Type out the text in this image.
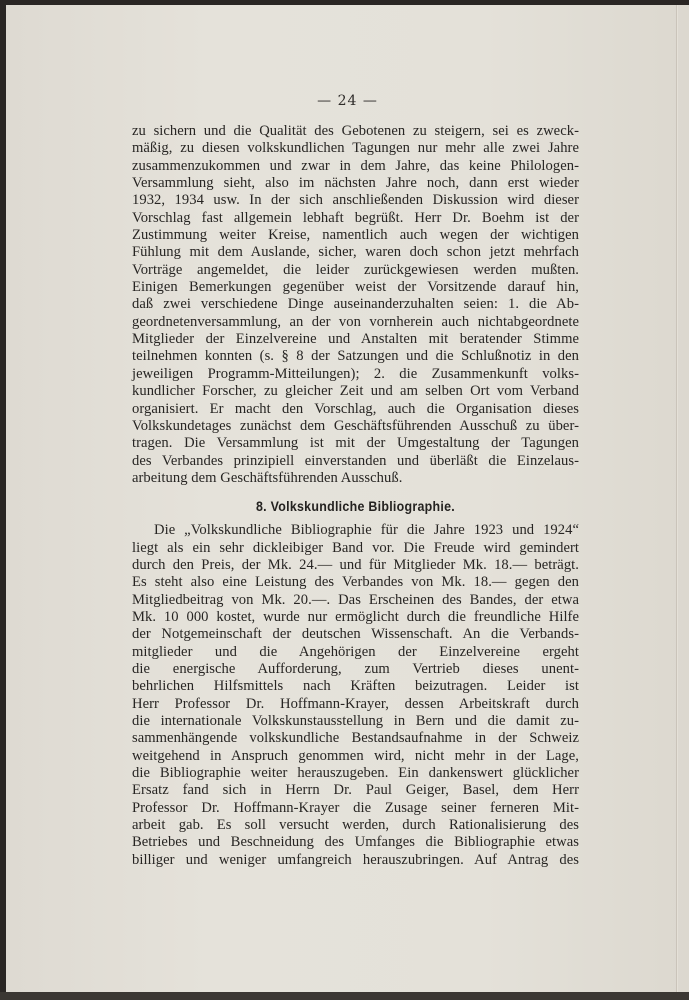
— 24 —
zu sichern und die Qualität des Gebotenen zu steigern, sei es zweck-
mäßig, zu diesen volkskundlichen Tagungen nur mehr alle zwei Jahre
zusammenzukommen und zwar in dem Jahre, das keine Philologen-
Versammlung sieht, also im nächsten Jahre noch, dann erst wieder
1932, 1934 usw. In der sich anschließenden Diskussion wird dieser
Vorschlag fast allgemein lebhaft begrüßt. Herr Dr. Boehm ist der
Zustimmung weiter Kreise, namentlich auch wegen der wichtigen
Fühlung mit dem Auslande, sicher, waren doch schon jetzt mehrfach
Vorträge angemeldet, die leider zurückgewiesen werden mußten.
Einigen Bemerkungen gegenüber weist der Vorsitzende darauf hin,
daß zwei verschiedene Dinge auseinanderzuhalten seien: 1. die Ab-
geordnetenversammlung, an der von vornherein auch nichtabgeordnete
Mitglieder der Einzelvereine und Anstalten mit beratender Stimme
teilnehmen konnten (s. § 8 der Satzungen und die Schlußnotiz in den
jeweiligen Programm-Mitteilungen); 2. die Zusammenkunft volks-
kundlicher Forscher, zu gleicher Zeit und am selben Ort vom Verband
organisiert. Er macht den Vorschlag, auch die Organisation dieses
Volkskundetages zunächst dem Geschäftsführenden Ausschuß zu über-
tragen. Die Versammlung ist mit der Umgestaltung der Tagungen
des Verbandes prinzipiell einverstanden und überläßt die Einzelaus-
arbeitung dem Geschäftsführenden Ausschuß.
8. Volkskundliche Bibliographie.
Die „Volkskundliche Bibliographie für die Jahre 1923 und 1924“
liegt als ein sehr dickleibiger Band vor. Die Freude wird gemindert
durch den Preis, der Mk. 24.— und für Mitglieder Mk. 18.— beträgt.
Es steht also eine Leistung des Verbandes von Mk. 18.— gegen den
Mitgliedbeitrag von Mk. 20.—. Das Erscheinen des Bandes, der etwa
Mk. 10 000 kostet, wurde nur ermöglicht durch die freundliche Hilfe
der Notgemeinschaft der deutschen Wissenschaft. An die Verbands-
mitglieder und die Angehörigen der Einzelvereine ergeht
die energische Aufforderung, zum Vertrieb dieses unent-
behrlichen Hilfsmittels nach Kräften beizutragen. Leider ist
Herr Professor Dr. Hoffmann-Krayer, dessen Arbeitskraft durch
die internationale Volkskunstausstellung in Bern und die damit zu-
sammenhängende volkskundliche Bestandsaufnahme in der Schweiz
weitgehend in Anspruch genommen wird, nicht mehr in der Lage,
die Bibliographie weiter herauszugeben. Ein dankenswert glücklicher
Ersatz fand sich in Herrn Dr. Paul Geiger, Basel, dem Herr
Professor Dr. Hoffmann-Krayer die Zusage seiner ferneren Mit-
arbeit gab. Es soll versucht werden, durch Rationalisierung des
Betriebes und Beschneidung des Umfanges die Bibliographie etwas
billiger und weniger umfangreich herauszubringen. Auf Antrag des
